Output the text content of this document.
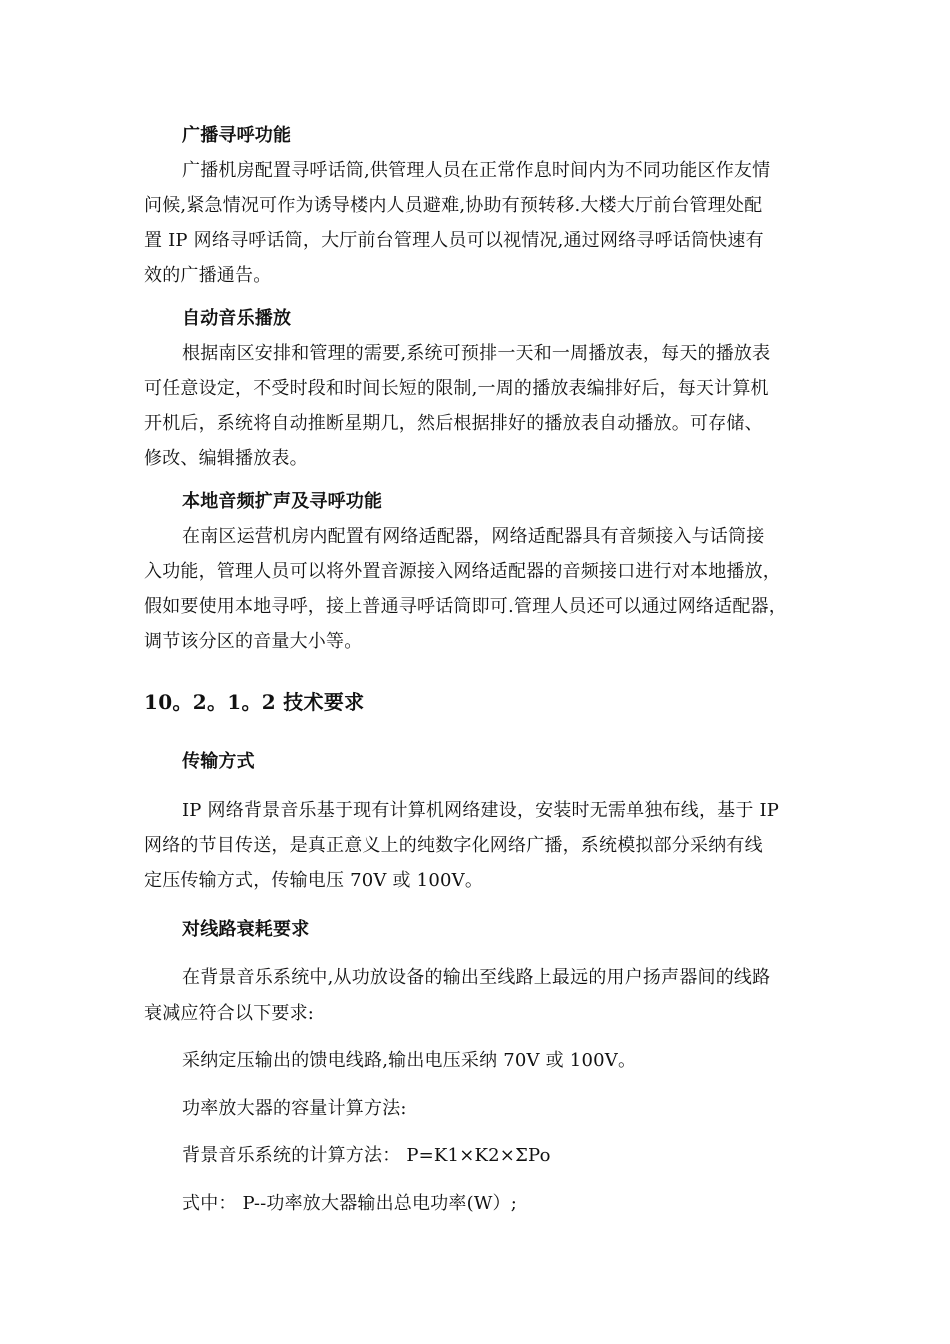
广播寻呼功能
广播机房配置寻呼话筒,供管理人员在正常作息时间内为不同功能区作友情
问候,紧急情况可作为诱导楼内人员避难,协助有预转移.大楼大厅前台管理处配
置 IP 网络寻呼话筒，大厅前台管理人员可以视情况,通过网络寻呼话筒快速有
效的广播通告。
自动音乐播放
根据南区安排和管理的需要,系统可预排一天和一周播放表，每天的播放表
可任意设定，不受时段和时间长短的限制,一周的播放表编排好后，每天计算机
开机后，系统将自动推断星期几，然后根据排好的播放表自动播放。可存储、
修改、编辑播放表。
本地音频扩声及寻呼功能
在南区运营机房内配置有网络适配器，网络适配器具有音频接入与话筒接
入功能，管理人员可以将外置音源接入网络适配器的音频接口进行对本地播放，
假如要使用本地寻呼，接上普通寻呼话筒即可.管理人员还可以通过网络适配器，
调节该分区的音量大小等。
10。2。1。2 技术要求
传输方式
IP 网络背景音乐基于现有计算机网络建设，安装时无需单独布线，基于 IP
网络的节目传送，是真正意义上的纯数字化网络广播，系统模拟部分采纳有线
定压传输方式，传输电压 70V 或 100V。
对线路衰耗要求
在背景音乐系统中,从功放设备的输出至线路上最远的用户扬声器间的线路
衰减应符合以下要求:
采纳定压输出的馈电线路,输出电压采纳 70V 或 100V。
功率放大器的容量计算方法:
背景音乐系统的计算方法： P=K1×K2×ΣPo
式中： P--功率放大器输出总电功率(W）;
